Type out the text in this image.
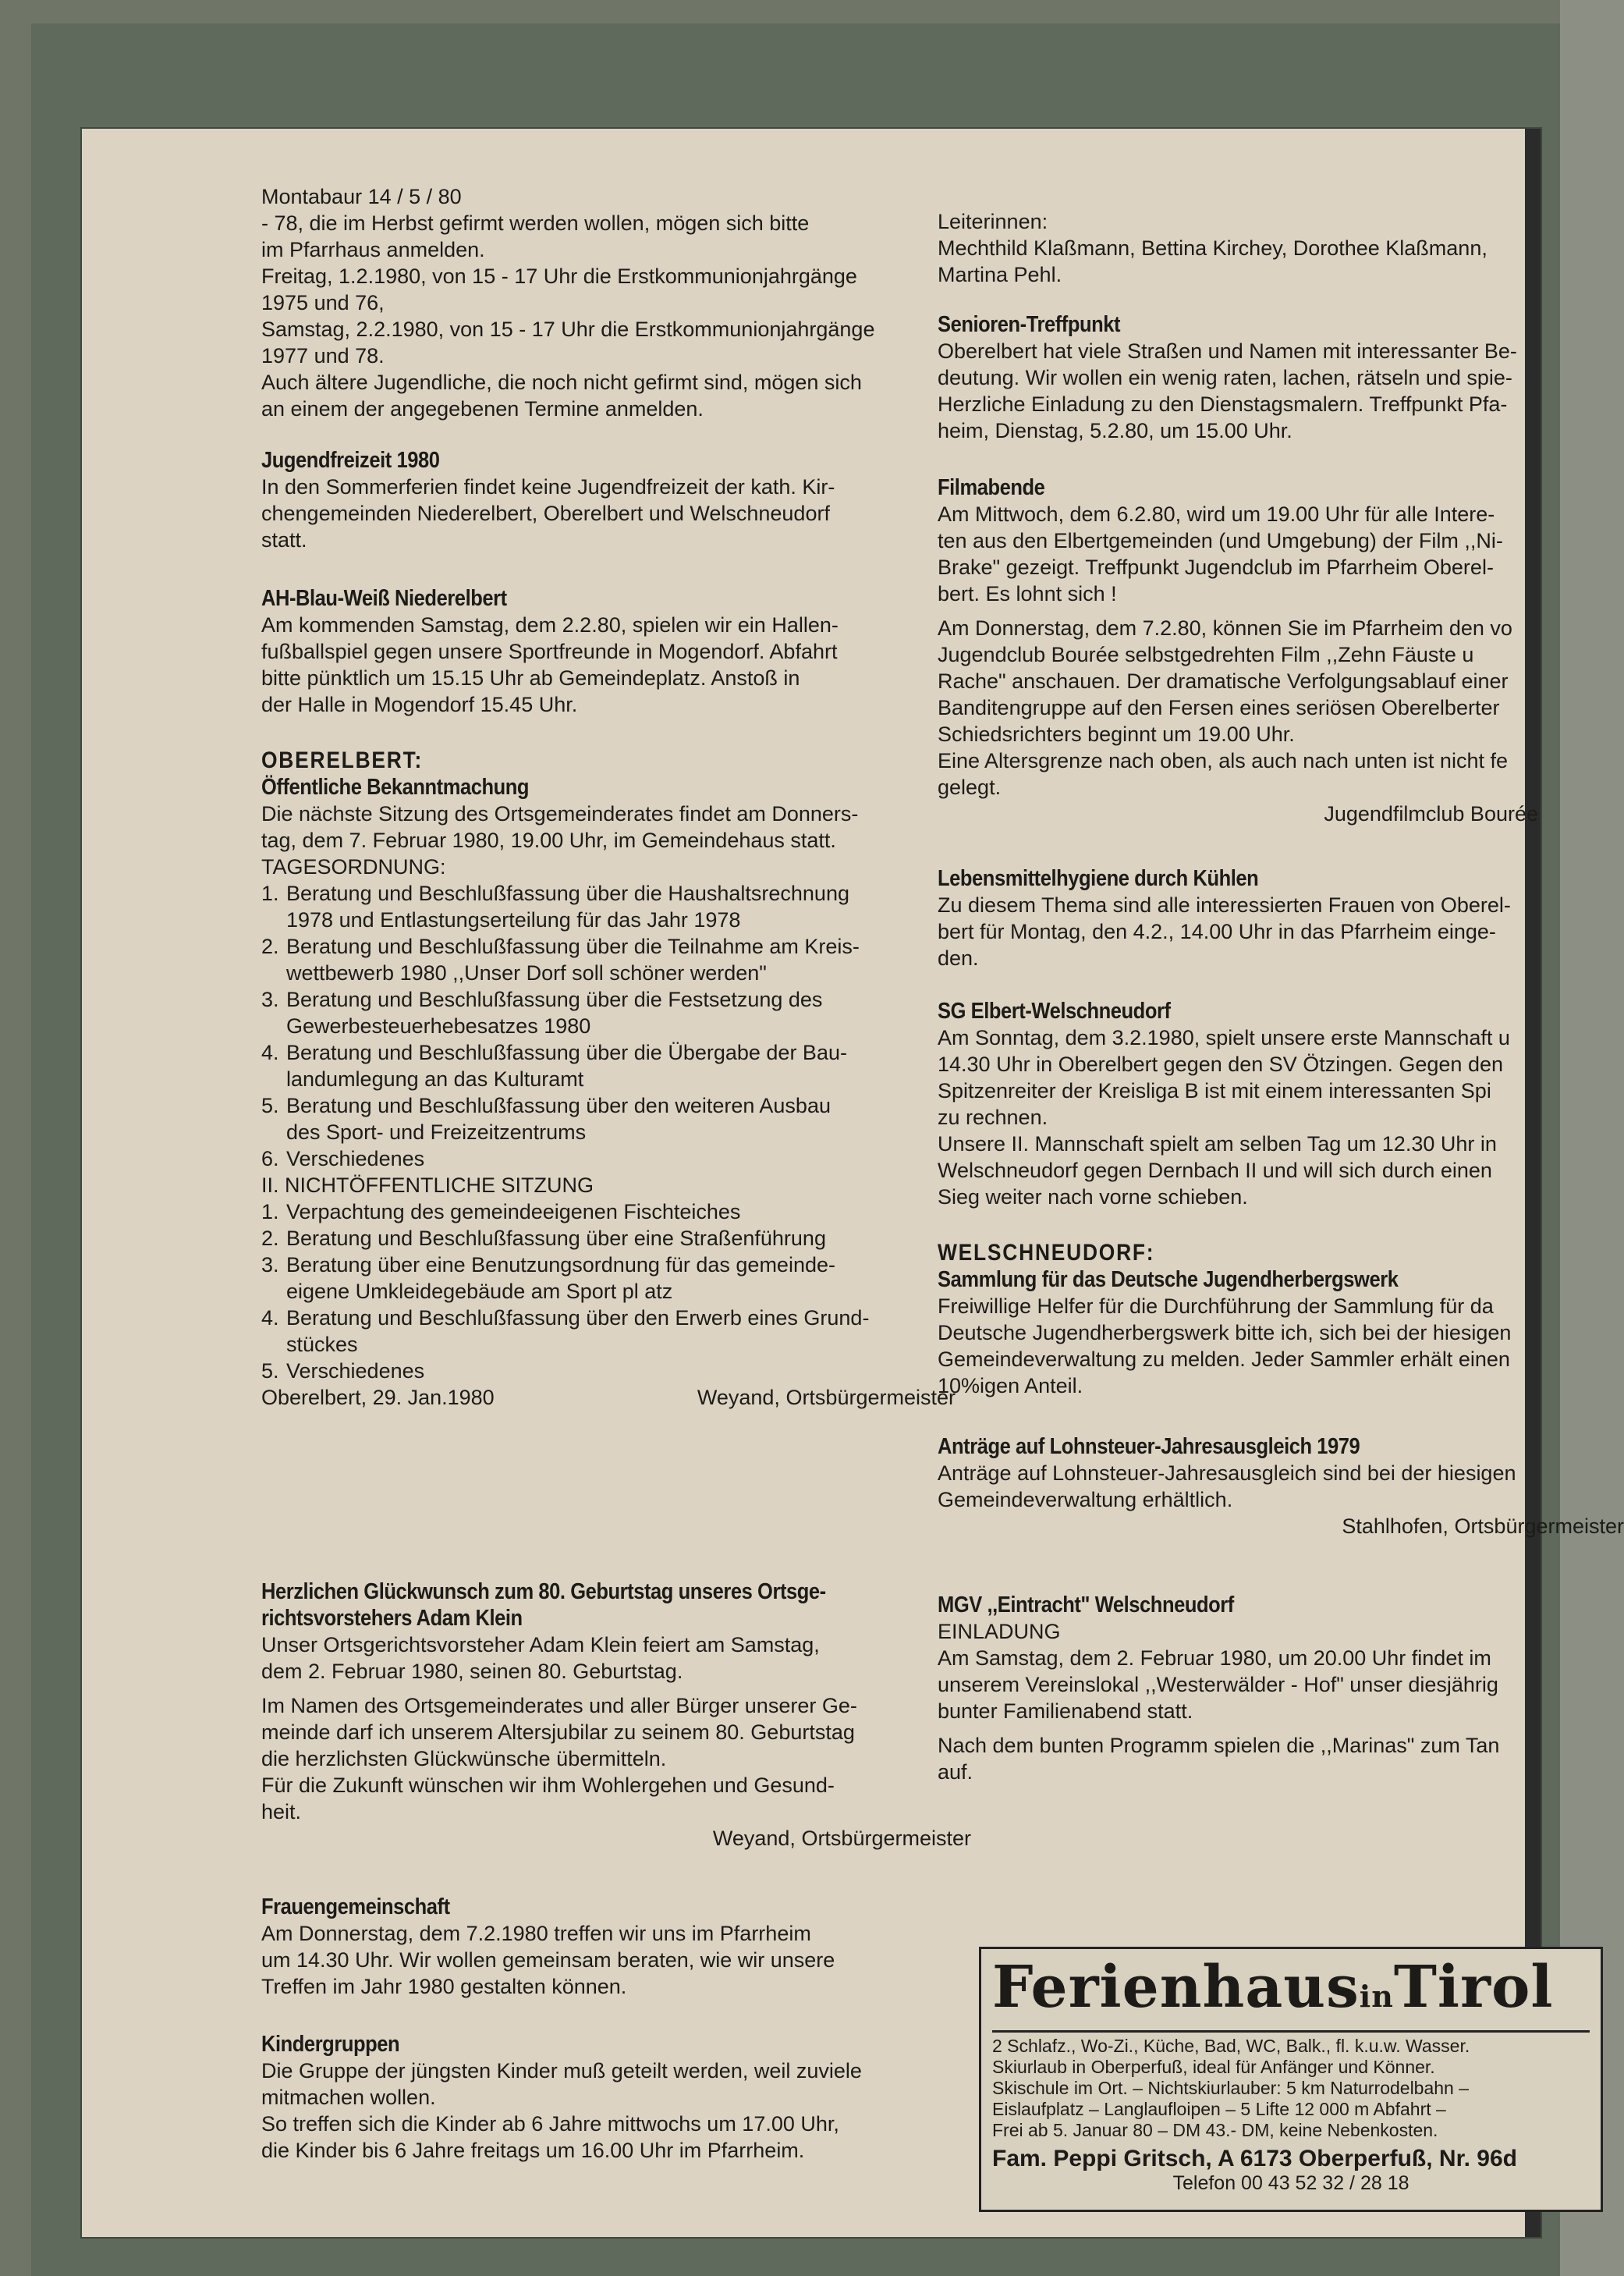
Montabaur 14 / 5 / 80
- 78, die im Herbst gefirmt werden wollen, mögen sich bitte
im Pfarrhaus anmelden.
Freitag, 1.2.1980, von 15 - 17 Uhr die Erstkommunionjahrgänge
1975 und 76,
Samstag, 2.2.1980, von 15 - 17 Uhr die Erstkommunionjahrgänge
1977 und 78.
Auch ältere Jugendliche, die noch nicht gefirmt sind, mögen sich
an einem der angegebenen Termine anmelden.

Jugendfreizeit 1980

In den Sommerferien findet keine Jugendfreizeit der kath. Kir-
chengemeinden Niederelbert, Oberelbert und Welschneudorf
statt.

AH-Blau-Weiß Niederelbert

Am kommenden Samstag, dem 2.2.80, spielen wir ein Hallen-
fußballspiel gegen unsere Sportfreunde in Mogendorf. Abfahrt
bitte pünktlich um 15.15 Uhr ab Gemeindeplatz. Anstoß in
der Halle in Mogendorf 15.45 Uhr.

OBERELBERT:
Öffentliche Bekanntmachung

Die nächste Sitzung des Ortsgemeinderates findet am Donners-
tag, dem 7. Februar 1980, 19.00 Uhr, im Gemeindehaus statt.
TAGESORDNUNG:

1. Beratung und Beschlußfassung über die Haushaltsrechnung
1978 und Entlastungserteilung für das Jahr 1978
2. Beratung und Beschlußfassung über die Teilnahme am Kreis-
wettbewerb 1980 ,,Unser Dorf soll schöner werden"
3. Beratung und Beschlußfassung über die Festsetzung des
Gewerbesteuerhebesatzes 1980
4. Beratung und Beschlußfassung über die Übergabe der Bau-
landumlegung an das Kulturamt
5. Beratung und Beschlußfassung über den weiteren Ausbau
des Sport- und Freizeitzentrums
6. Verschiedenes

II. NICHTÖFFENTLICHE SITZUNG

1. Verpachtung des gemeindeeigenen Fischteiches
2. Beratung und Beschlußfassung über eine Straßenführung
3. Beratung über eine Benutzungsordnung für das gemeinde-
eigene Umkleidegebäude am Sport pl atz
4. Beratung und Beschlußfassung über den Erwerb eines Grund-
stückes
5. Verschiedenes
Oberelbert, 29. Jan.1980	Weyand, Ortsbürgermeister
Herzlichen Glückwunsch zum 80. Geburtstag unseres Ortsge-
richtsvorstehers Adam Klein

Unser Ortsgerichtsvorsteher Adam Klein feiert am Samstag,
dem 2. Februar 1980, seinen 80. Geburtstag.

Im Namen des Ortsgemeinderates und aller Bürger unserer Ge-
meinde darf ich unserem Altersjubilar zu seinem 80. Geburtstag
die herzlichsten Glückwünsche übermitteln.
Für die Zukunft wünschen wir ihm Wohlergehen und Gesund-
heit.

Weyand, Ortsbürgermeister

Frauengemeinschaft

Am Donnerstag, dem 7.2.1980 treffen wir uns im Pfarrheim
um 14.30 Uhr. Wir wollen gemeinsam beraten, wie wir unsere
Treffen im Jahr 1980 gestalten können.

Kindergruppen

Die Gruppe der jüngsten Kinder muß geteilt werden, weil zuviele
mitmachen wollen.
So treffen sich die Kinder ab 6 Jahre mittwochs um 17.00 Uhr,
die Kinder bis 6 Jahre freitags um 16.00 Uhr im Pfarrheim.

Leiterinnen:
Mechthild Klaßmann, Bettina Kirchey, Dorothee Klaßmann,
Martina Pehl.

Senioren-Treffpunkt

Oberelbert hat viele Straßen und Namen mit interessanter Be-
deutung. Wir wollen ein wenig raten, lachen, rätseln und spie-
Herzliche Einladung zu den Dienstagsmalern. Treffpunkt Pfa-
heim, Dienstag, 5.2.80, um 15.00 Uhr.

Filmabende

Am Mittwoch, dem 6.2.80, wird um 19.00 Uhr für alle Intere-
ten aus den Elbertgemeinden (und Umgebung) der Film ,,Ni-
Brake" gezeigt. Treffpunkt Jugendclub im Pfarrheim Oberel-
bert. Es lohnt sich !

Am Donnerstag, dem 7.2.80, können Sie im Pfarrheim den vo
Jugendclub Bourée selbstgedrehten Film ,,Zehn Fäuste u
Rache" anschauen. Der dramatische Verfolgungsablauf einer
Banditengruppe auf den Fersen eines seriösen Oberelberter
Schiedsrichters beginnt um 19.00 Uhr.
Eine Altersgrenze nach oben, als auch nach unten ist nicht fe
gelegt.

Jugendfilmclub Bourée

Lebensmittelhygiene durch Kühlen

Zu diesem Thema sind alle interessierten Frauen von Oberel-
bert für Montag, den 4.2., 14.00 Uhr in das Pfarrheim einge-
den.

SG Elbert-Welschneudorf

Am Sonntag, dem 3.2.1980, spielt unsere erste Mannschaft u
14.30 Uhr in Oberelbert gegen den SV Ötzingen. Gegen den
Spitzenreiter der Kreisliga B ist mit einem interessanten Spi
zu rechnen.
Unsere II. Mannschaft spielt am selben Tag um 12.30 Uhr in
Welschneudorf gegen Dernbach II und will sich durch einen
Sieg weiter nach vorne schieben.

WELSCHNEUDORF:
Sammlung für das Deutsche Jugendherbergswerk

Freiwillige Helfer für die Durchführung der Sammlung für da
Deutsche Jugendherbergswerk bitte ich, sich bei der hiesigen
Gemeindeverwaltung zu melden. Jeder Sammler erhält einen
10%igen Anteil.

Anträge auf Lohnsteuer-Jahresausgleich 1979

Anträge auf Lohnsteuer-Jahresausgleich sind bei der hiesigen
Gemeindeverwaltung erhältlich.

Stahlhofen, Ortsbürgermeister

MGV ,,Eintracht" Welschneudorf

EINLADUNG
Am Samstag, dem 2. Februar 1980, um 20.00 Uhr findet im
unserem Vereinslokal ,,Westerwälder - Hof" unser diesjährig
bunter Familienabend statt.

Nach dem bunten Programm spielen die ,,Marinas" zum Tan
auf.

FerienhausinTirol
2 Schlafz., Wo-Zi., Küche, Bad, WC, Balk., fl. k.u.w. Wasser.
Skiurlaub in Oberperfuß, ideal für Anfänger und Könner.
Skischule im Ort. – Nichtskiurlauber: 5 km Naturrodelbahn –
Eislaufplatz – Langlaufloipen – 5 Lifte 12 000 m Abfahrt –
Frei ab 5. Januar 80 – DM 43.- DM, keine Nebenkosten.
Fam. Peppi Gritsch, A 6173 Oberperfuß, Nr. 96d
Telefon 00 43 52 32 / 28 18
